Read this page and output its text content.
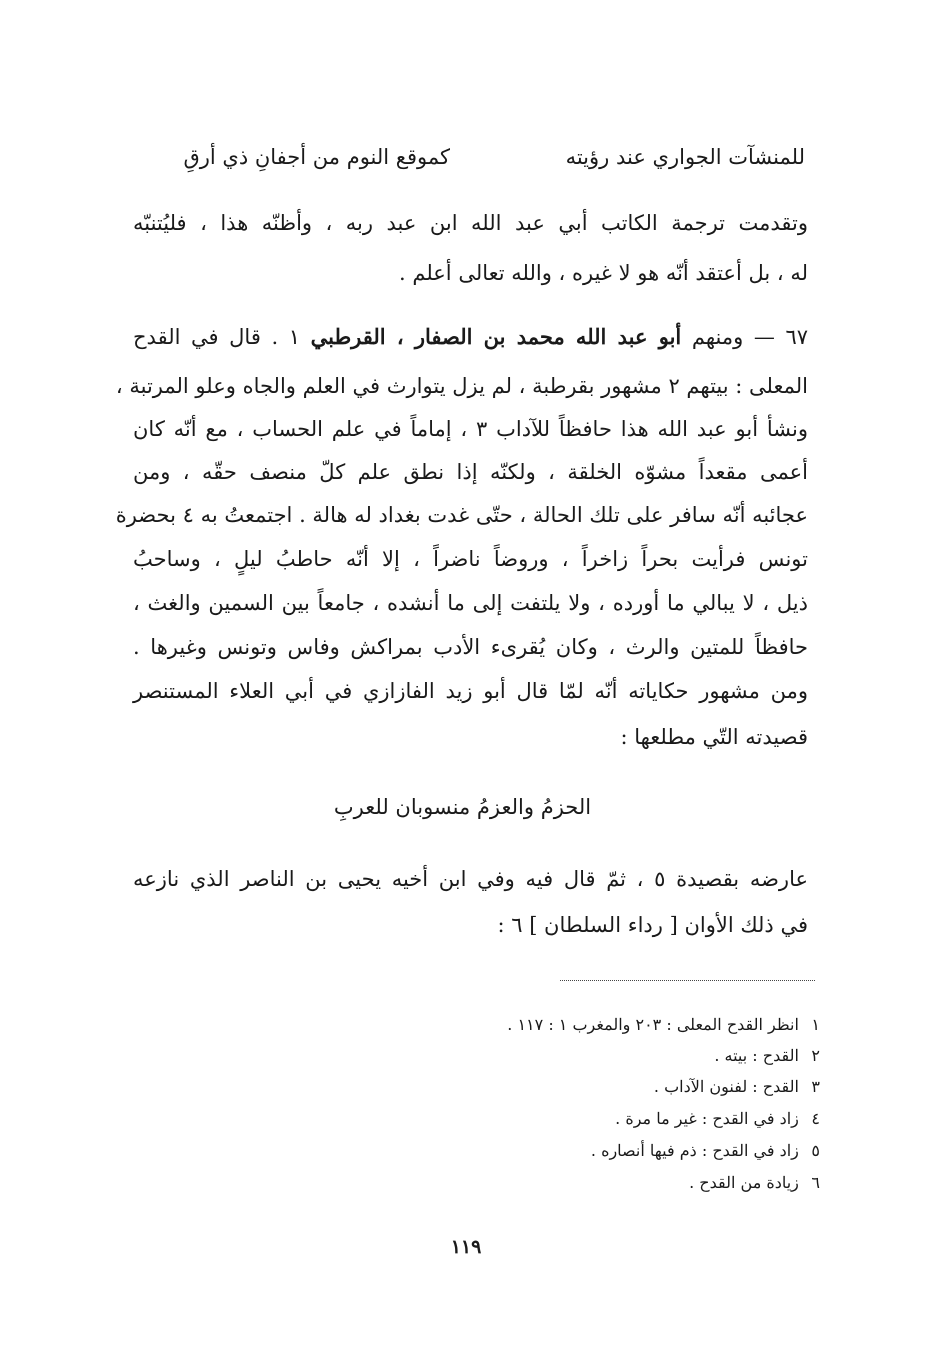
للمنشآت الجواري عند رؤيته
كموقع النوم من أجفانِ ذي أرقِ
وتقدمت ترجمة الكاتب أبي عبد الله ابن عبد ربه ، وأظنّه هذا ، فليُتنبّه
له ، بل أعتقد أنّه هو لا غيره ، والله تعالى أعلم .
٦٧ — ومنهم أبو عبد الله محمد بن الصفار ، القرطبي ١ . قال في القدح
المعلى : بيتهم ٢ مشهور بقرطبة ، لم يزل يتوارث في العلم والجاه وعلو المرتبة ،
ونشأ أبو عبد الله هذا حافظاً للآداب ٣ ، إماماً في علم الحساب ، مع أنّه كان
أعمى مقعداً مشوّه الخلقة ، ولكنّه إذا نطق علم كلّ منصف حقّه ، ومن
عجائبه أنّه سافر على تلك الحالة ، حتّى غدت بغداد له هالة . اجتمعتُ به ٤ بحضرة
تونس فرأيت بحراً زاخراً ، وروضاً ناضراً ، إلا أنّه حاطبُ ليلٍ ، وساحبُ
ذيل ، لا يبالي ما أورده ، ولا يلتفت إلى ما أنشده ، جامعاً بين السمين والغث ،
حافظاً للمتين والرث ، وكان يُقرىء الأدب بمراكش وفاس وتونس وغيرها .
ومن مشهور حكاياته أنّه لمّا قال أبو زيد الفازازي في أبي العلاء المستنصر
قصيدته التّي مطلعها :
الحزمُ والعزمُ منسوبان للعربِ
عارضه بقصيدة ٥ ، ثمّ قال فيه وفي ابن أخيه يحيى بن الناصر الذي نازعه
في ذلك الأوان [ رداء السلطان ] ٦ :
١ انظر القدح المعلى : ٢٠٣ والمغرب ١ : ١١٧ .
٢ القدح : بيته .
٣ القدح : لفنون الآداب .
٤ زاد في القدح : غير ما مرة .
٥ زاد في القدح : ذم فيها أنصاره .
٦ زيادة من القدح .
١١٩
